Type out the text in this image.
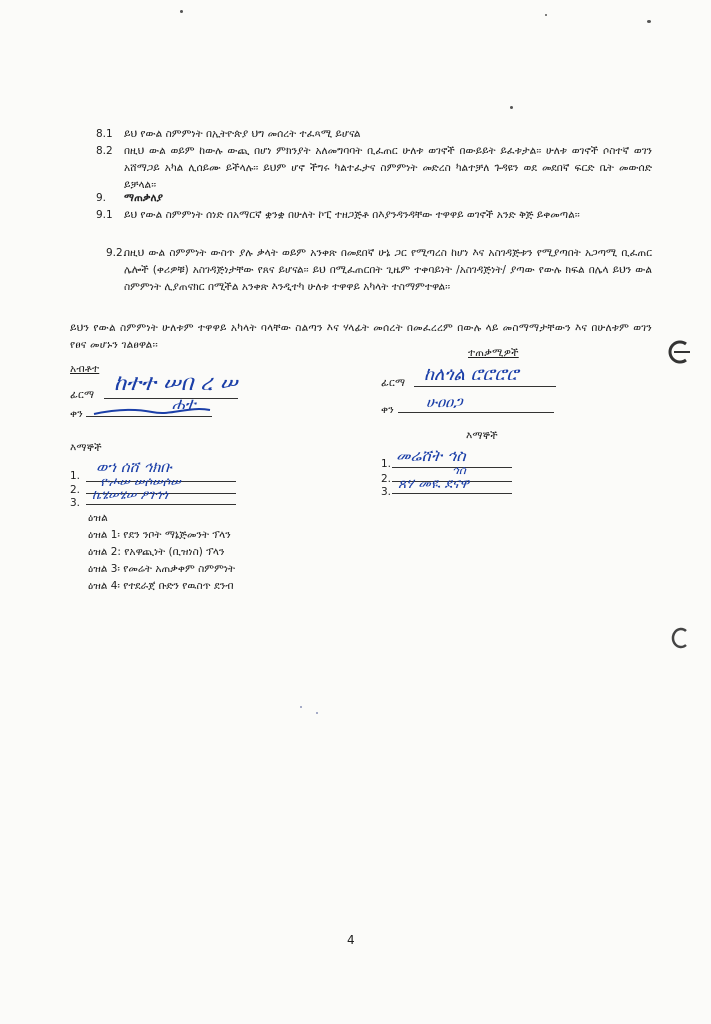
8.1 ይህ የውል ስምምነት በኢትዮጵያ ህግ መሰረት ተፈጻሚ ይሆናል
8.2 በዚህ ውል ወይም ከውሉ ውጪ በሆነ ምክንያት አለመግባባት ቢፈጠር ሁለቱ ወገኖች በውይይት ይፈቱታል፡፡ ሁለቱ ወገኖች ሶስተኛ ወገን አሸማጋይ አካል ሊሰይሙ ይችላሉ፡፡ ይህም ሆኖ ችግሩ ካልተፈታና ስምምነት መድረስ ካልተቻለ ጉዳዩን ወደ መደበኛ ፍርድ ቤት መውሰድ ይቻላል፡፡
9. ማጠቃለያ
9.1 ይህ የውል ስምምነት ሰነድ በአማርኛ ቋንቋ በሁለት ኮፒ ተዘጋጅቶ በእያንዳንዳቸው ተዋዋይ ወገኖች አንድ ቅጅ ይቀመጣል፡፡
9.2.
በዚህ ውል ስምምነት ውስጥ ያሉ ቃላት ወይም አንቀጽ በመደበኛ ሁኔ ጋር የሚጣረስ ከሆነ እና አስገዳጅቱን የሚያጣበት አጋጣሚ ቢፈጠር ሌሎች (ቀሪዎቹ) አስገዳጅነታቸው የጸና ይሆናል፡፡ ይህ በሚፈጠርበት ጊዜም ተቀባይነት /አስገዳጅነት/ ያጣው የውሉ ክፍል በሌላ ይህን ውል ስምምነት ሊያጠናክር በሚችል አንቀጽ እንዲተካ ሁለቱ ተዋዋይ አካላት ተስማምተዋል፡፡
ይህን የውል ስምምነት ሁለቱም ተዋዋይ አካላት ባላቸው ስልጣን እና ሃላፊት መሰረት በመፈረረም በውሉ ላይ መስማማታቸውን እና በሁለቱም ወገን የፀና መሆኑን ገልፀዋል፡፡
አብቶተ
ፊርማ ከተተ ሠበ ረ ሠ
ቀን
ሐተ
ተጠቃሚዎች
ፊርማ ከለጎል ሮሮሮሮ
ቀን ሁዐዐጋ
እማኞች
1.	ወኀ ሰሸ ኅክቡ
2.	ዮሖሠ ሠሶሠሶሠ
3. ኬሄሠሄሠ ዖገኅጎ
እማኞች
1. መሬሸት ኅስ
2.
ኅሰ
3. ጸሃ መዪ ደናዋ
ዕዝል
ዕዝል 1፡ የደን ንቦት ማኔጅመንት ፕላን
ዕዝል 2: የአዋጪነት (ቢዝነስ) ፕላን
ዕዝል 3፡ የመሬት አጠቃቀም ስምምነት
ዕዝል 4፡ የተደራጀ ቡድን የዉስጥ ደንብ
4
